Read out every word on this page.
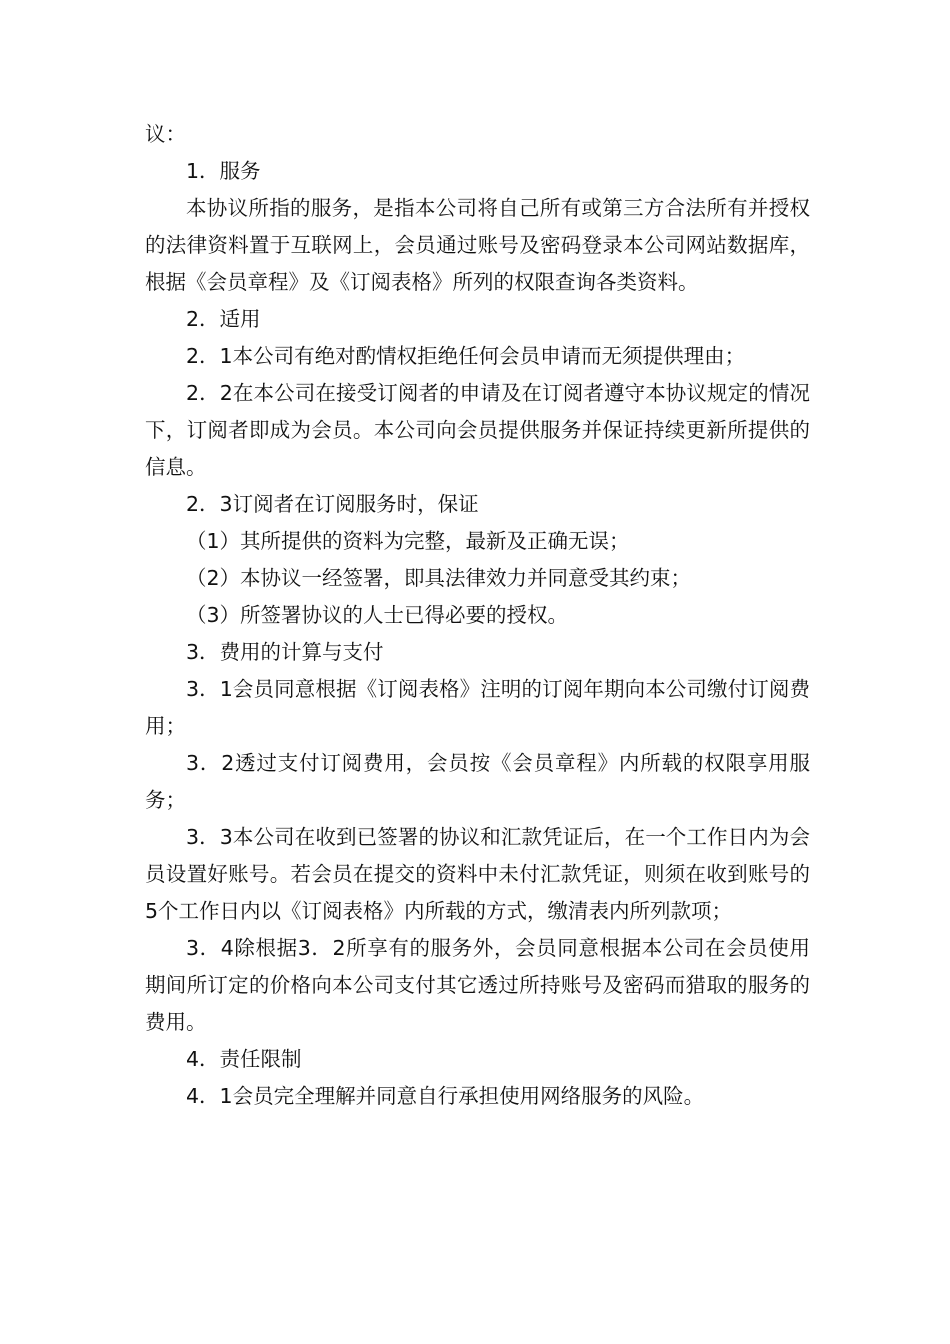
议：

1．服务

本协议所指的服务，是指本公司将自己所有或第三方合法所有并授权的法律资料置于互联网上，会员通过账号及密码登录本公司网站数据库，根据《会员章程》及《订阅表格》所列的权限查询各类资料。

2．适用

2．1本公司有绝对酌情权拒绝任何会员申请而无须提供理由；

2．2在本公司在接受订阅者的申请及在订阅者遵守本协议规定的情况下，订阅者即成为会员。本公司向会员提供服务并保证持续更新所提供的信息。

2．3订阅者在订阅服务时，保证

（1）其所提供的资料为完整，最新及正确无误；

（2）本协议一经签署，即具法律效力并同意受其约束；

（3）所签署协议的人士已得必要的授权。

3．费用的计算与支付

3．1会员同意根据《订阅表格》注明的订阅年期向本公司缴付订阅费用；

3．2透过支付订阅费用，会员按《会员章程》内所载的权限享用服务；

3．3本公司在收到已签署的协议和汇款凭证后，在一个工作日内为会员设置好账号。若会员在提交的资料中未付汇款凭证，则须在收到账号的5个工作日内以《订阅表格》内所载的方式，缴清表内所列款项；

3．4除根据3．2所享有的服务外，会员同意根据本公司在会员使用期间所订定的价格向本公司支付其它透过所持账号及密码而猎取的服务的费用。

4．责任限制

4．1会员完全理解并同意自行承担使用网络服务的风险。
